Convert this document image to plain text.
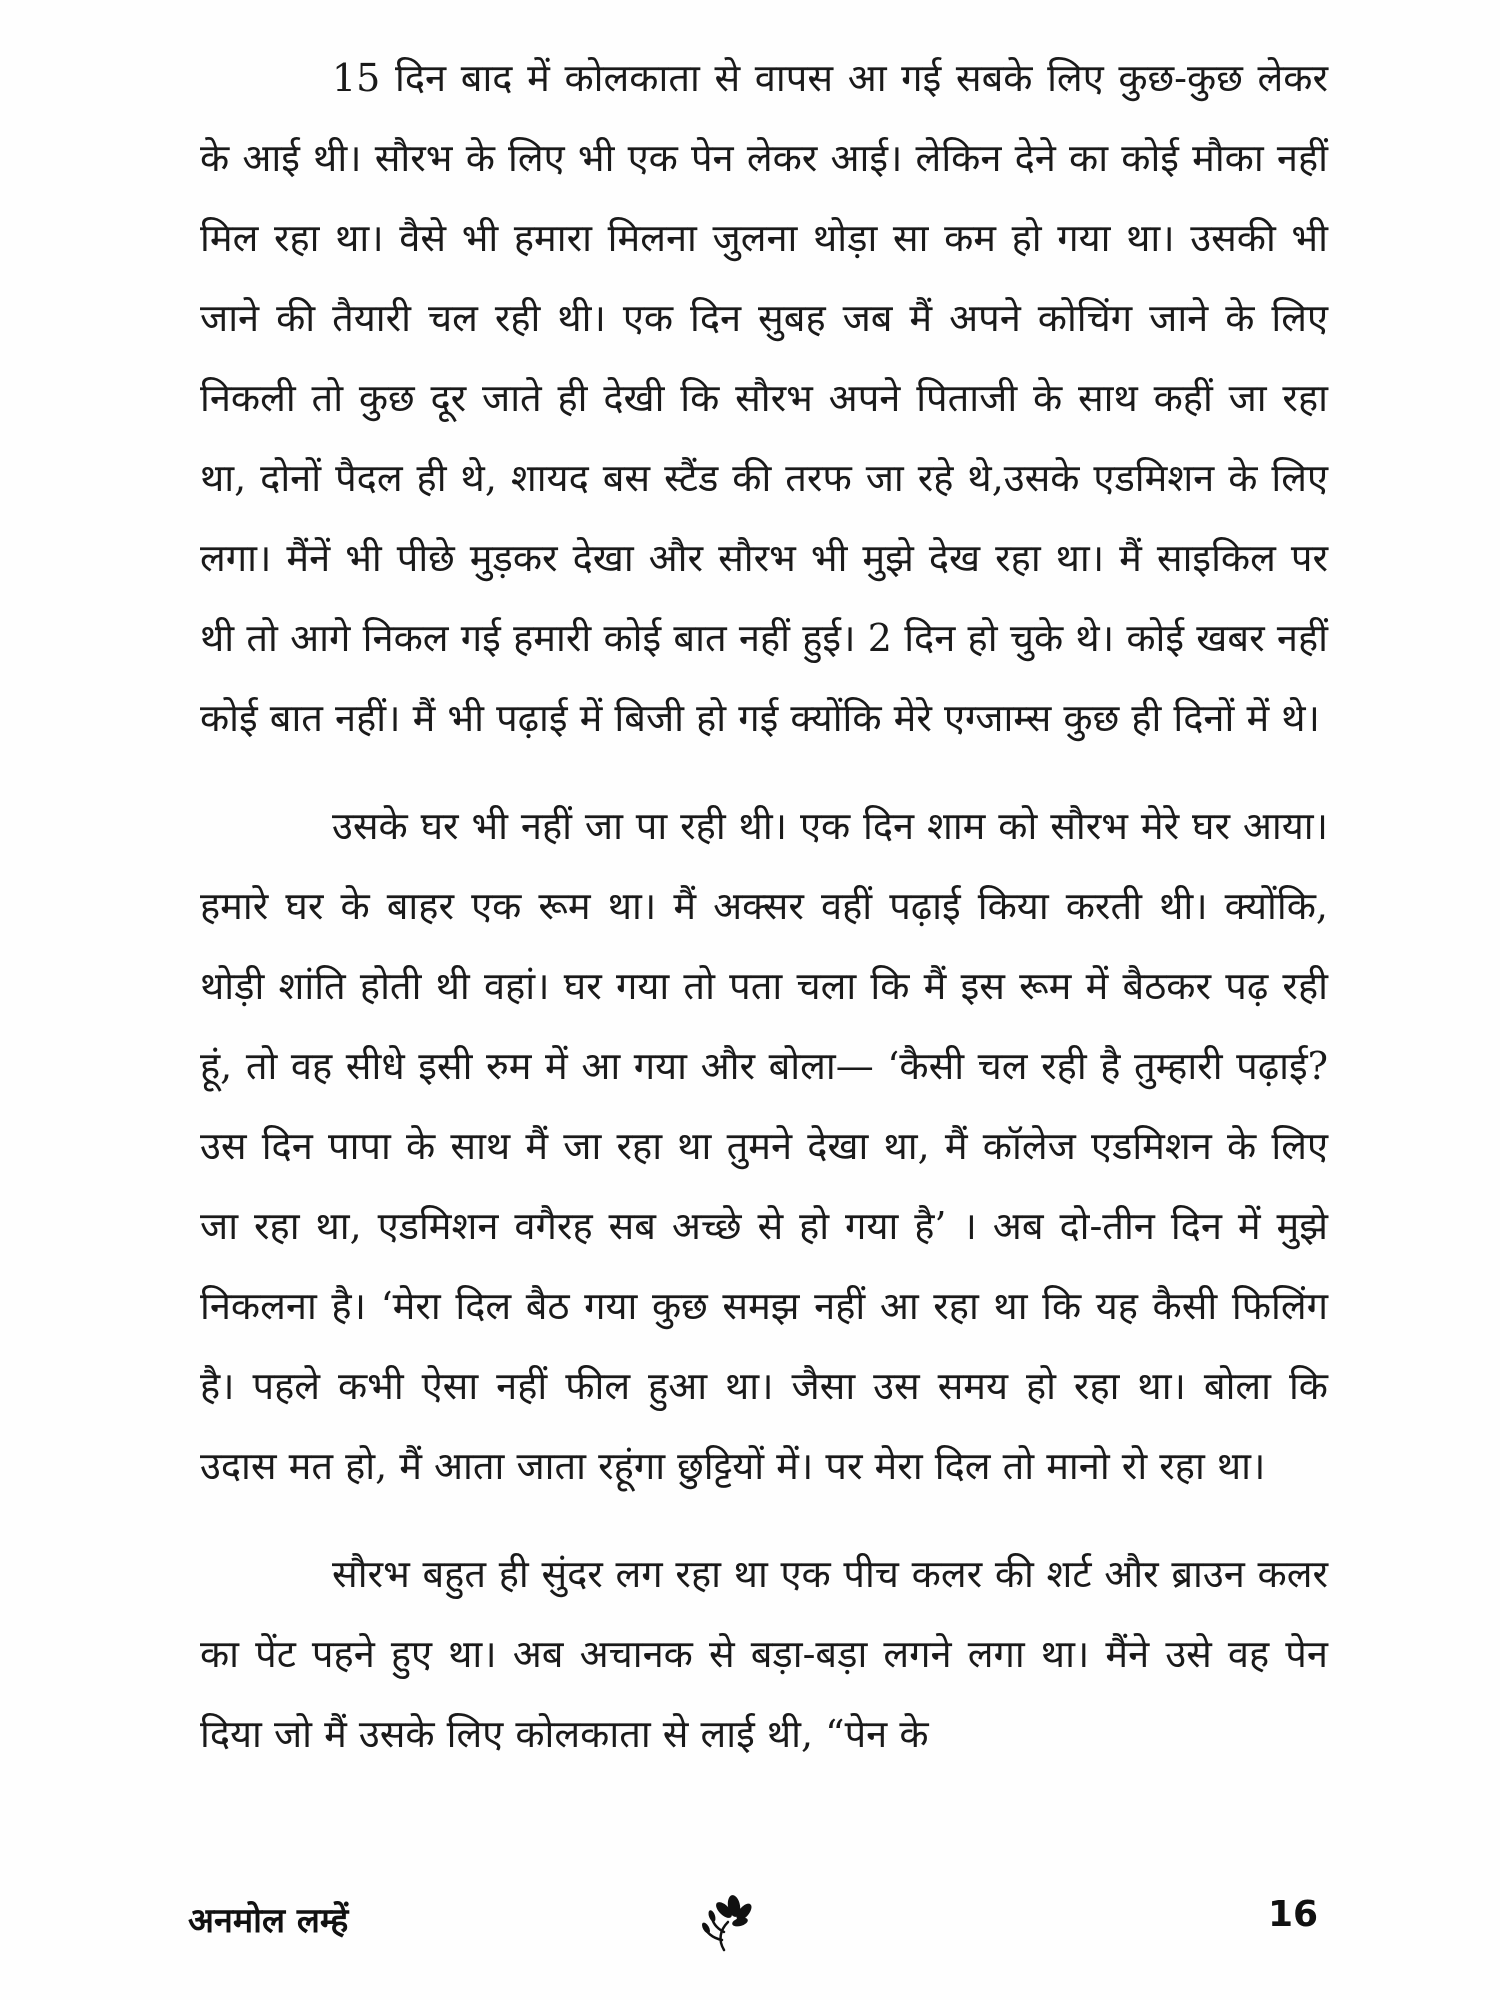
15 दिन बाद में कोलकाता से वापस आ गई सबके लिए कुछ-कुछ लेकर के आई थी। सौरभ के लिए भी एक पेन लेकर आई। लेकिन देने का कोई मौका नहीं मिल रहा था। वैसे भी हमारा मिलना जुलना थोड़ा सा कम हो गया था। उसकी भी जाने की तैयारी चल रही थी। एक दिन सुबह जब मैं अपने कोचिंग जाने के लिए निकली तो कुछ दूर जाते ही देखी कि सौरभ अपने पिताजी के साथ कहीं जा रहा था, दोनों पैदल ही थे, शायद बस स्टैंड की तरफ जा रहे थे,उसके एडमिशन के लिए लगा। मैंनें भी पीछे मुड़कर देखा और सौरभ भी मुझे देख रहा था। मैं साइकिल पर थी तो आगे निकल गई हमारी कोई बात नहीं हुई। 2 दिन हो चुके थे। कोई खबर नहीं कोई बात नहीं। मैं भी पढ़ाई में बिजी हो गई क्योंकि मेरे एग्जाम्स कुछ ही दिनों में थे।

उसके घर भी नहीं जा पा रही थी। एक दिन शाम को सौरभ मेरे घर आया। हमारे घर के बाहर एक रूम था। मैं अक्सर वहीं पढ़ाई किया करती थी। क्योंकि, थोड़ी शांति होती थी वहां। घर गया तो पता चला कि मैं इस रूम में बैठकर पढ़ रही हूं, तो वह सीधे इसी रुम में आ गया और बोला— ‘कैसी चल रही है तुम्हारी पढ़ाई? उस दिन पापा के साथ मैं जा रहा था तुमने देखा था, मैं कॉलेज एडमिशन के लिए जा रहा था, एडमिशन वगैरह सब अच्छे से हो गया है’ । अब दो-तीन दिन में मुझे निकलना है। ‘मेरा दिल बैठ गया कुछ समझ नहीं आ रहा था कि यह कैसी फिलिंग है। पहले कभी ऐसा नहीं फील हुआ था। जैसा उस समय हो रहा था। बोला कि उदास मत हो, मैं आता जाता रहूंगा छुट्टियों में। पर मेरा दिल तो मानो रो रहा था।

सौरभ बहुत ही सुंदर लग रहा था एक पीच कलर की शर्ट और ब्राउन कलर का पेंट पहने हुए था। अब अचानक से बड़ा-बड़ा लगने लगा था। मैंने उसे वह पेन दिया जो मैं उसके लिए कोलकाता से लाई थी, “पेन के

अनमोल लम्हें	16
